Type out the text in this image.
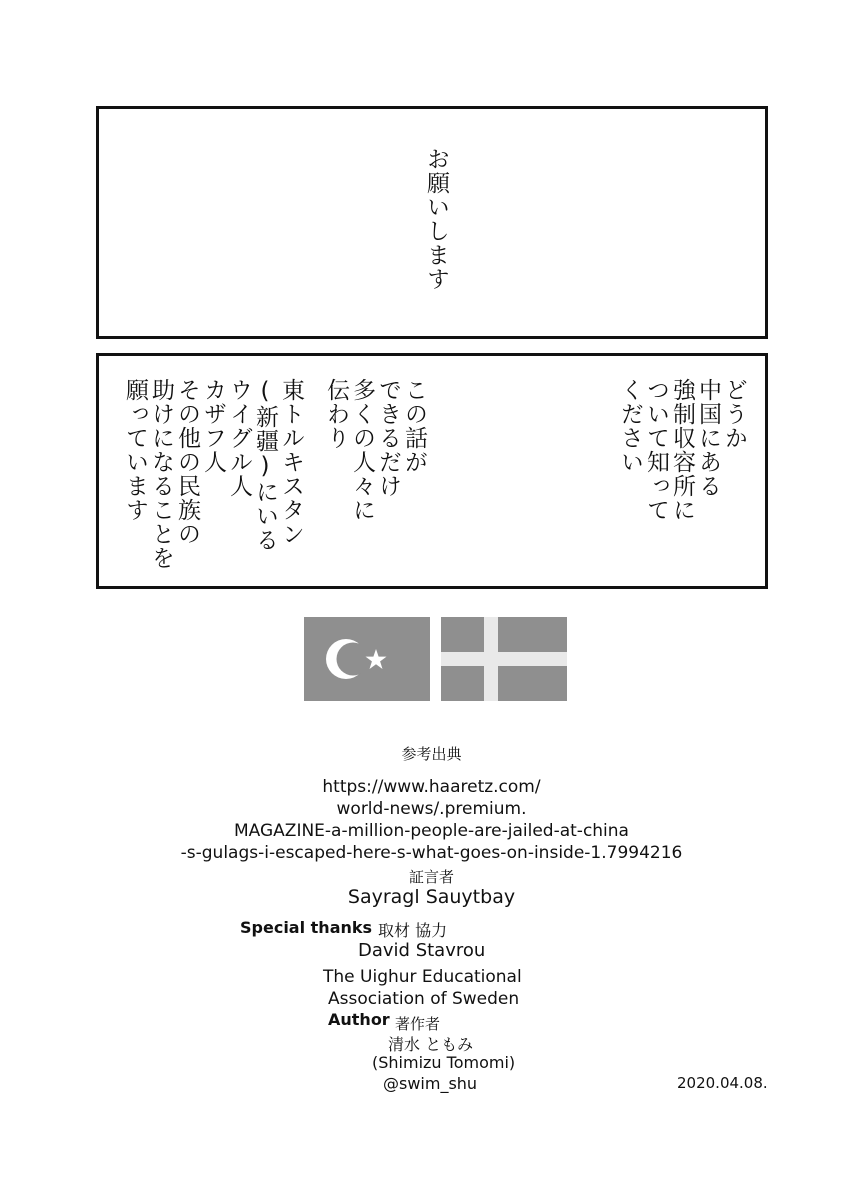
お願いします
どうか
中国にある
強制収容所に
ついて知って
ください
この話が
できるだけ
多くの人々に
伝わり
東トルキスタン
(新疆)にいる
ウイグル人
カザフ人
その他の民族の
助けになることを
願っています
参考出典
https://www.haaretz.com/
world-news/.premium.
MAGAZINE-a-million-people-are-jailed-at-china
-s-gulags-i-escaped-here-s-what-goes-on-inside-1.7994216
証言者
Sayragl Sauytbay
Special thanks 取材 協力
David Stavrou
The Uighur Educational
Association of Sweden
Author 著作者
清水 ともみ
(Shimizu Tomomi)
@swim_shu	2020.04.08.
